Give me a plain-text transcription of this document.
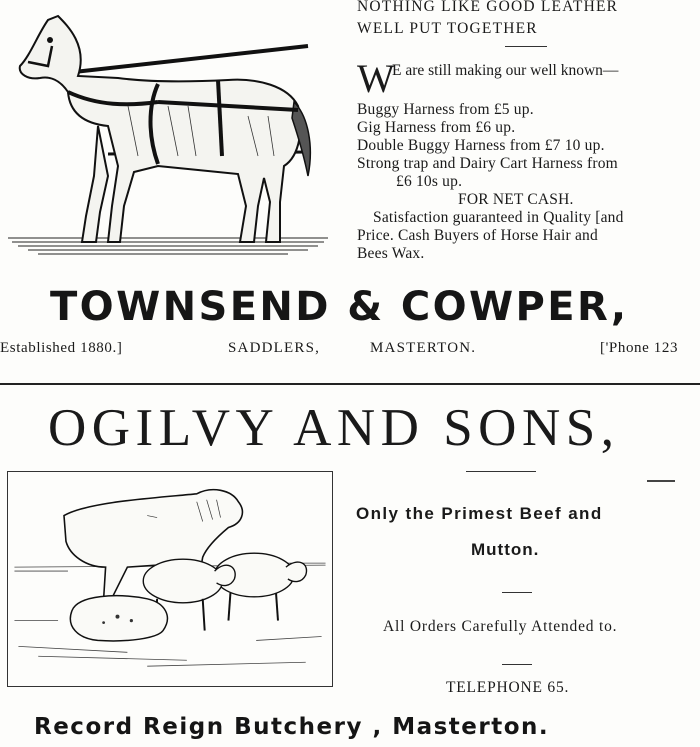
NOTHING LIKE GOOD LEATHER
WELL PUT TOGETHER
W
E are still making our well known—
Buggy Harness from £5 up.
Gig Harness from £6 up.
Double Buggy Harness from £7 10 up.
Strong trap and Dairy Cart Harness from
£6 10s up.
FOR NET CASH.
Satisfaction guaranteed in Quality [and
Price. Cash Buyers of Horse Hair and
Bees Wax.
TOWNSEND & COWPER,
Established 1880.]	SADDLERS,	MASTERTON.	['Phone 123
OGILVY AND SONS,
Only the Primest Beef and
Mutton.
All Orders Carefully Attended to.
TELEPHONE 65.
Record Reign Butchery , Masterton.
